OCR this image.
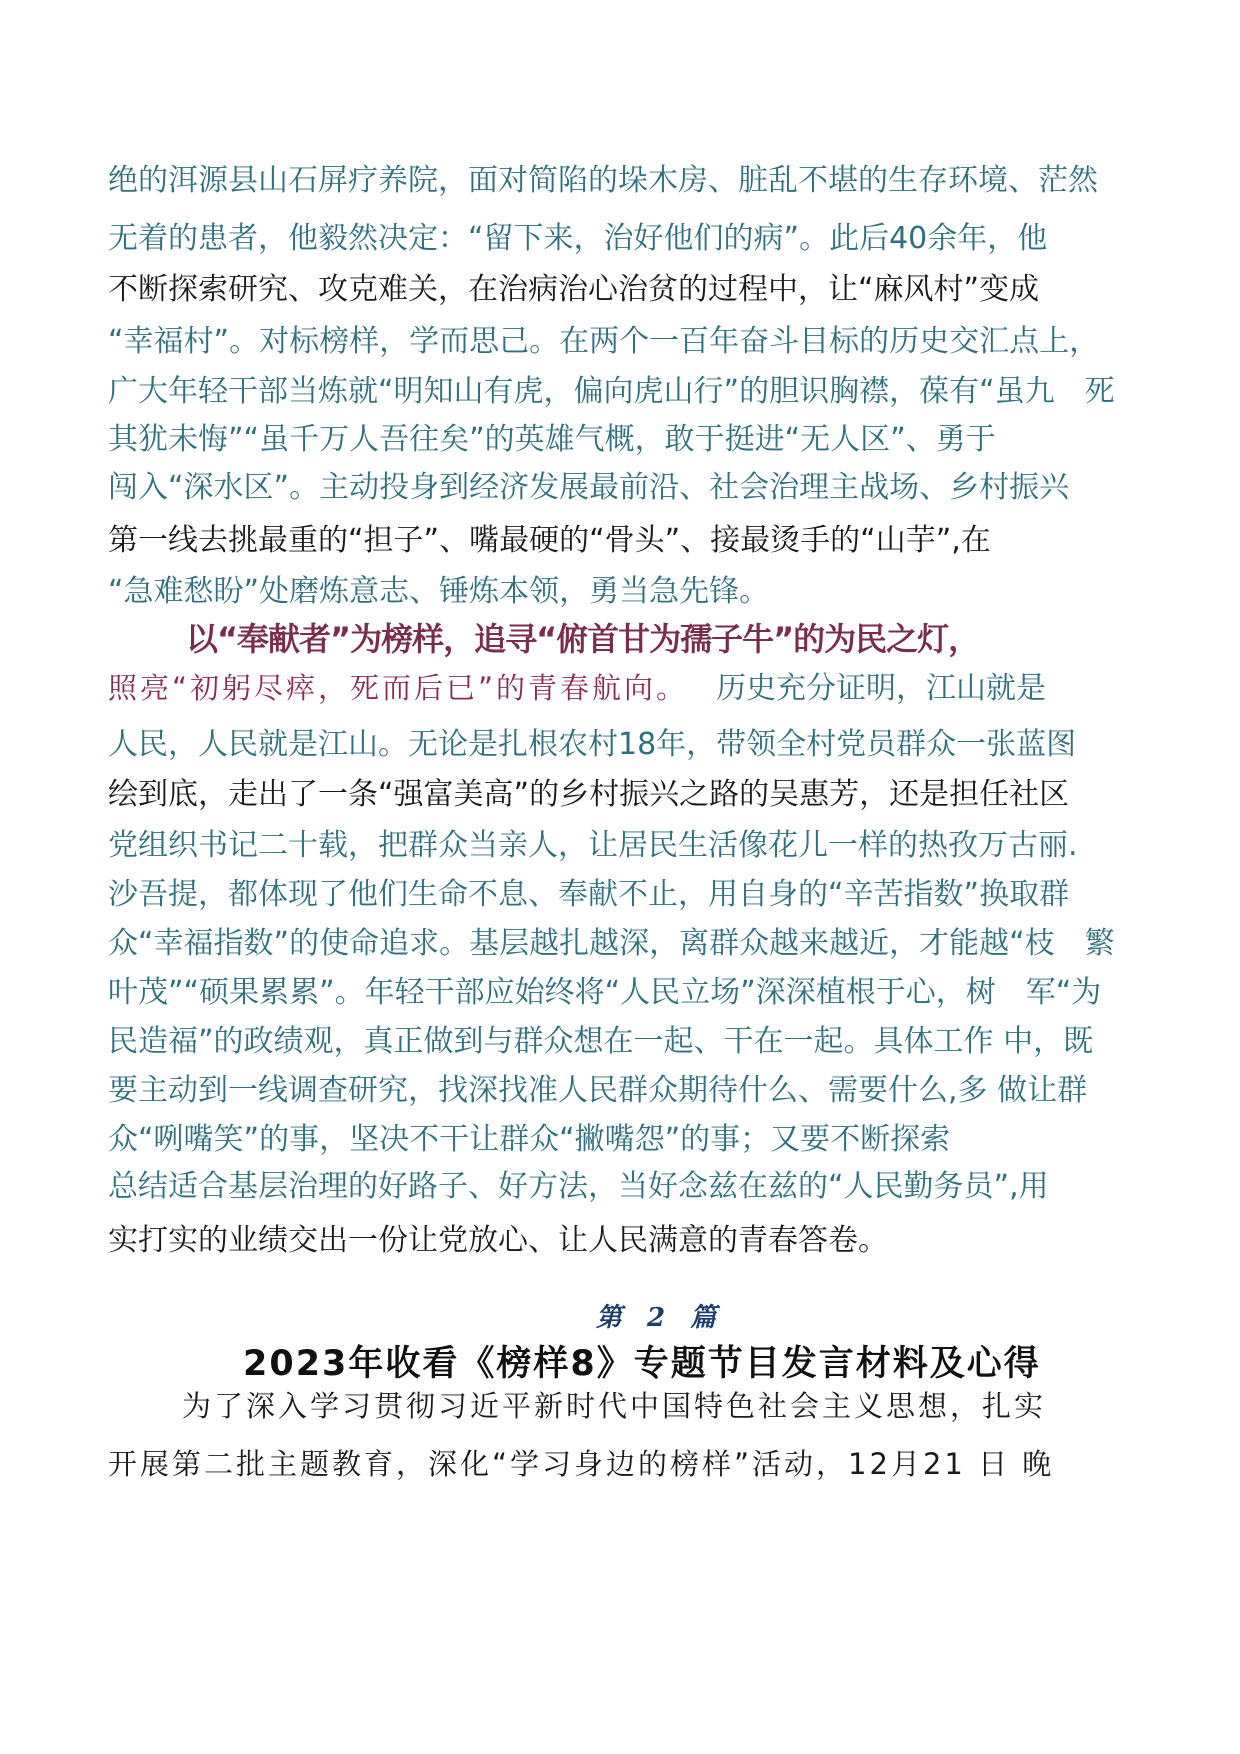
绝的洱源县山石屏疗养院，面对简陷的垛木房、脏乱不堪的生存环境、茫然
无着的患者，他毅然决定：“留下来，治好他们的病”。此后40余年，他
不断探索研究、攻克难关，在治病治心治贫的过程中，让“麻风村”变成
“幸福村”。对标榜样，学而思己。在两个一百年奋斗目标的历史交汇点上，
广大年轻干部当炼就“明知山有虎，偏向虎山行”的胆识胸襟，葆有“虽九　死
其犹未悔”“虽千万人吾往矣”的英雄气概，敢于挺进“无人区”、勇于
闯入“深水区”。主动投身到经济发展最前沿、社会治理主战场、乡村振兴
第一线去挑最重的“担子”、嘴最硬的“骨头”、接最烫手的“山芋”,在
“急难愁盼”处磨炼意志、锤炼本领，勇当急先锋。
以“奉献者”为榜样，追寻“俯首甘为孺子牛”的为民之灯，
照亮“初躬尽瘁，死而后已”的青春航向。 历史充分证明，江山就是
人民，人民就是江山。无论是扎根农村18年，带领全村党员群众一张蓝图
绘到底，走出了一条“强富美高”的乡村振兴之路的吴惠芳，还是担任社区
党组织书记二十载，把群众当亲人，让居民生活像花儿一样的热孜万古丽.
沙吾提，都体现了他们生命不息、奉献不止，用自身的“辛苦指数”换取群
众“幸福指数”的使命追求。基层越扎越深，离群众越来越近，才能越“枝　繁
叶茂”“硕果累累”。年轻干部应始终将“人民立场”深深植根于心，树　军“为
民造福”的政绩观，真正做到与群众想在一起、干在一起。具体工作 中，既
要主动到一线调查研究，找深找准人民群众期待什么、需要什么,多 做让群
众“咧嘴笑”的事，坚决不干让群众“撇嘴怨”的事；又要不断探索
总结适合基层治理的好路子、好方法，当好念兹在兹的“人民勤务员”,用
实打实的业绩交出一份让党放心、让人民满意的青春答卷。
第 2 篇
2023年收看《榜样8》专题节目发言材料及心得
为了深入学习贯彻习近平新时代中国特色社会主义思想，扎实
开展第二批主题教育，深化“学习身边的榜样”活动，12月21 日 晚
